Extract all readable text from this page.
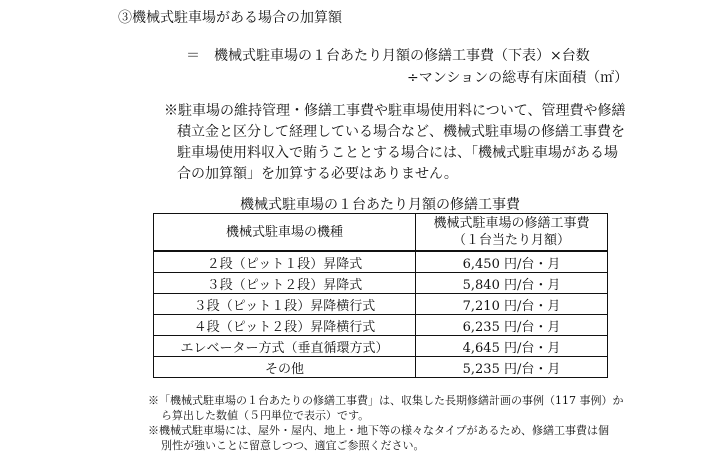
③機械式駐車場がある場合の加算額
＝　機械式駐車場の１台あたり月額の修繕工事費（下表）×台数
÷マンションの総専有床面積（㎡）
※駐車場の維持管理・修繕工事費や駐車場使用料について、管理費や修繕
積立金と区分して経理している場合など、機械式駐車場の修繕工事費を
駐車場使用料収入で賄うこととする場合には、「機械式駐車場がある場
合の加算額」を加算する必要はありません。
機械式駐車場の１台あたり月額の修繕工事費
機械式駐車場の機種	機械式駐車場の修繕工事費
（１台当たり月額）

２段（ピット１段）昇降式	6,450 円/台・月
３段（ピット２段）昇降式	5,840 円/台・月
３段（ピット１段）昇降横行式	7,210 円/台・月
４段（ピット２段）昇降横行式	6,235 円/台・月
エレベーター方式（垂直循環方式）	4,645 円/台・月
その他	5,235 円/台・月
※「機械式駐車場の１台あたりの修繕工事費」は、収集した長期修繕計画の事例（117 事例）か
ら算出した数値（５円単位で表示）です。
※機械式駐車場には、屋外・屋内、地上・地下等の様々なタイプがあるため、修繕工事費は個
別性が強いことに留意しつつ、適宜ご参照ください。
